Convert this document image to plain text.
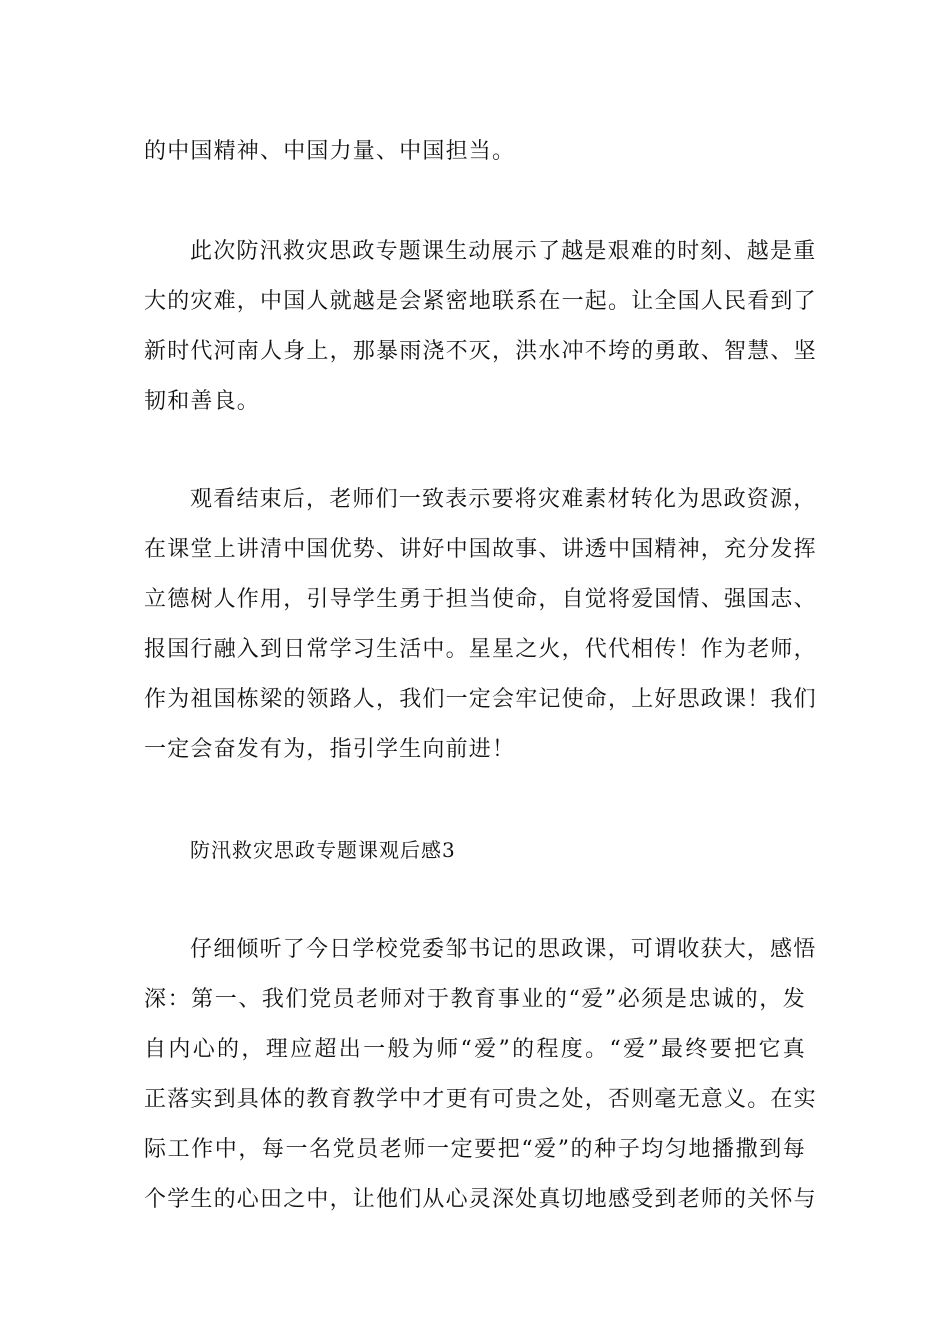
的中国精神、中国力量、中国担当。
此次防汛救灾思政专题课生动展示了越是艰难的时刻、越是重
大的灾难，中国人就越是会紧密地联系在一起。让全国人民看到了
新时代河南人身上，那暴雨浇不灭，洪水冲不垮的勇敢、智慧、坚
韧和善良。
观看结束后，老师们一致表示要将灾难素材转化为思政资源，
在课堂上讲清中国优势、讲好中国故事、讲透中国精神，充分发挥
立德树人作用，引导学生勇于担当使命，自觉将爱国情、强国志、
报国行融入到日常学习生活中。星星之火，代代相传！作为老师，
作为祖国栋梁的领路人，我们一定会牢记使命，上好思政课！我们
一定会奋发有为，指引学生向前进！
防汛救灾思政专题课观后感3
仔细倾听了今日学校党委邹书记的思政课，可谓收获大，感悟
深：第一、我们党员老师对于教育事业的“爱”必须是忠诚的，发
自内心的，理应超出一般为师“爱”的程度。“爱”最终要把它真
正落实到具体的教育教学中才更有可贵之处，否则毫无意义。在实
际工作中，每一名党员老师一定要把“爱”的种子均匀地播撒到每
个学生的心田之中，让他们从心灵深处真切地感受到老师的关怀与
